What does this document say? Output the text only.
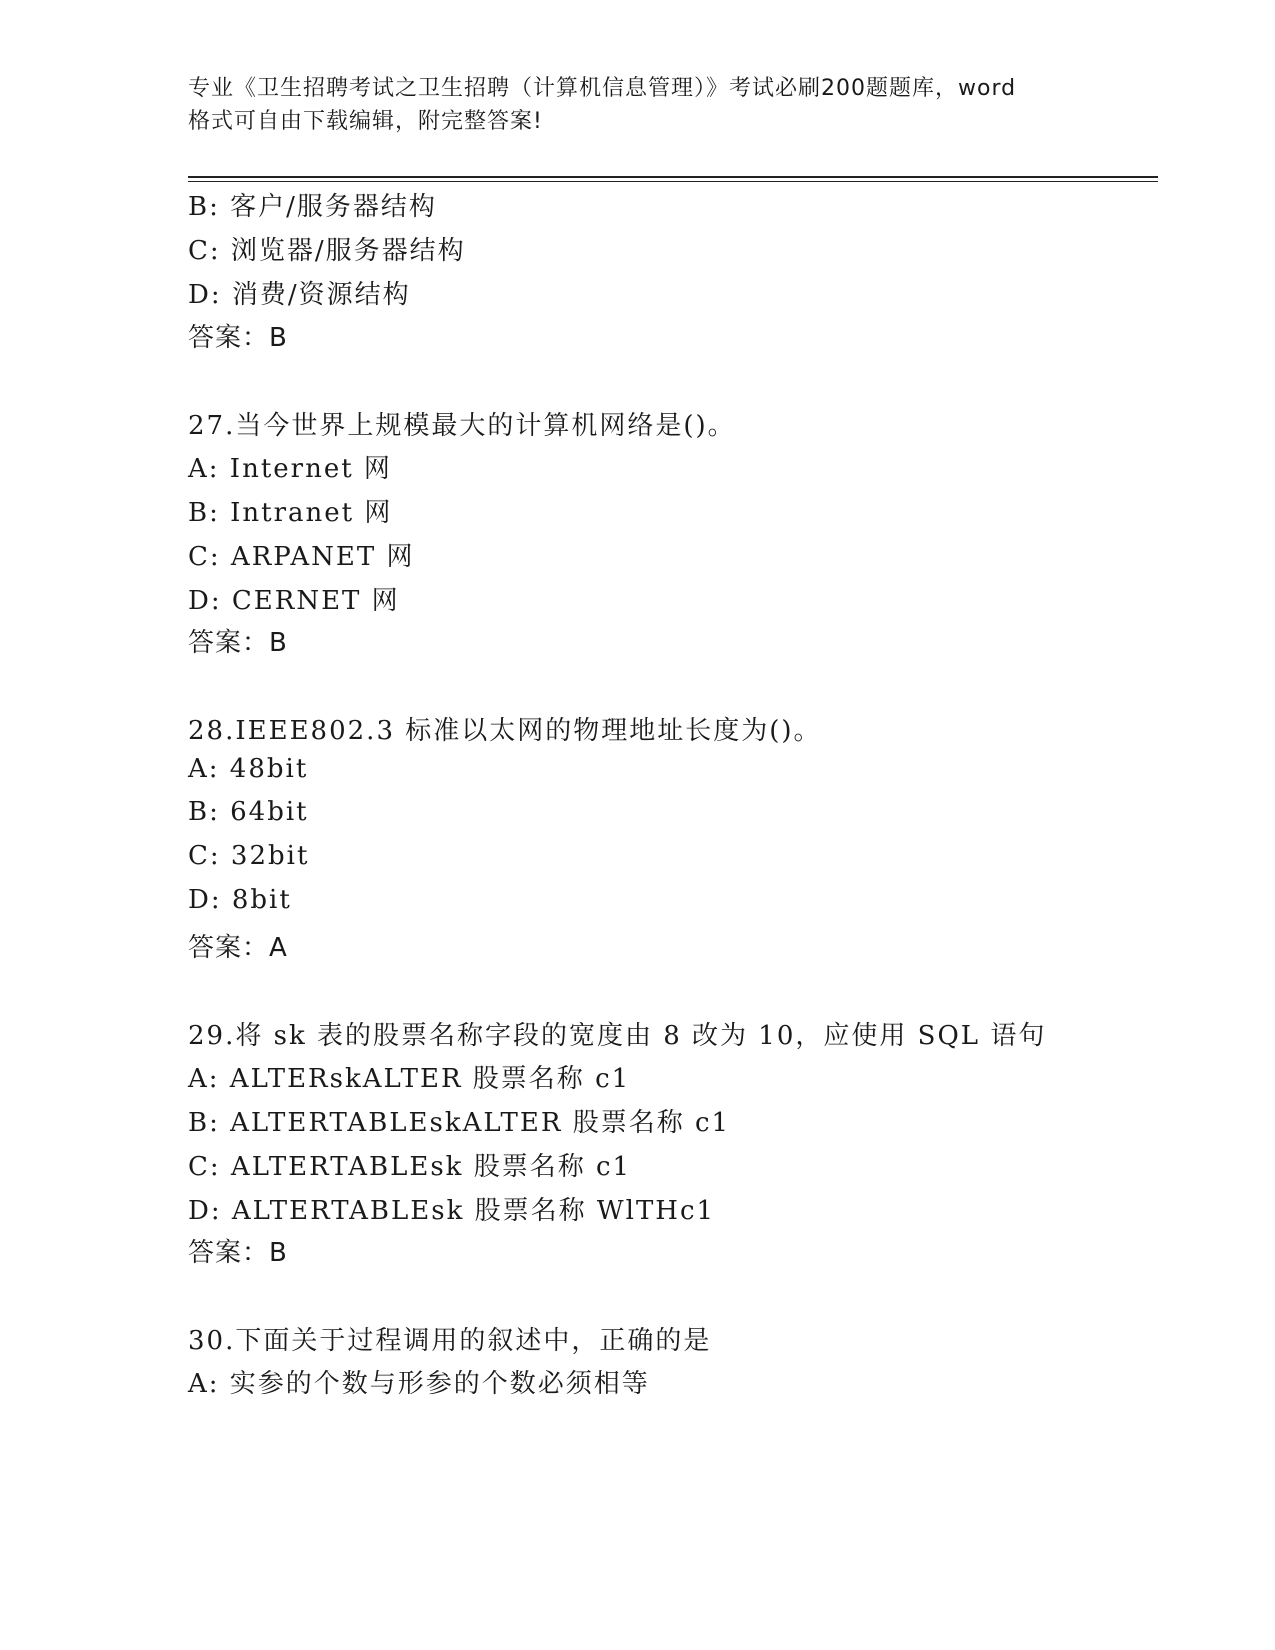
专业《卫生招聘考试之卫生招聘（计算机信息管理）》考试必刷200题题库，word
格式可自由下载编辑，附完整答案!
B: 客户/服务器结构
C: 浏览器/服务器结构
D: 消费/资源结构
答案：B
27.当今世界上规模最大的计算机网络是()。
A: Internet 网
B: Intranet 网
C: ARPANET 网
D: CERNET 网
答案：B
28.IEEE802.3 标准以太网的物理地址长度为()。
A: 48bit
B: 64bit
C: 32bit
D: 8bit
答案：A
29.将 sk 表的股票名称字段的宽度由 8 改为 10，应使用 SQL 语句
A: ALTERskALTER 股票名称 c1
B: ALTERTABLEskALTER 股票名称 c1
C: ALTERTABLEsk 股票名称 c1
D: ALTERTABLEsk 股票名称 WlTHc1
答案：B
30.下面关于过程调用的叙述中，正确的是
A: 实参的个数与形参的个数必须相等
